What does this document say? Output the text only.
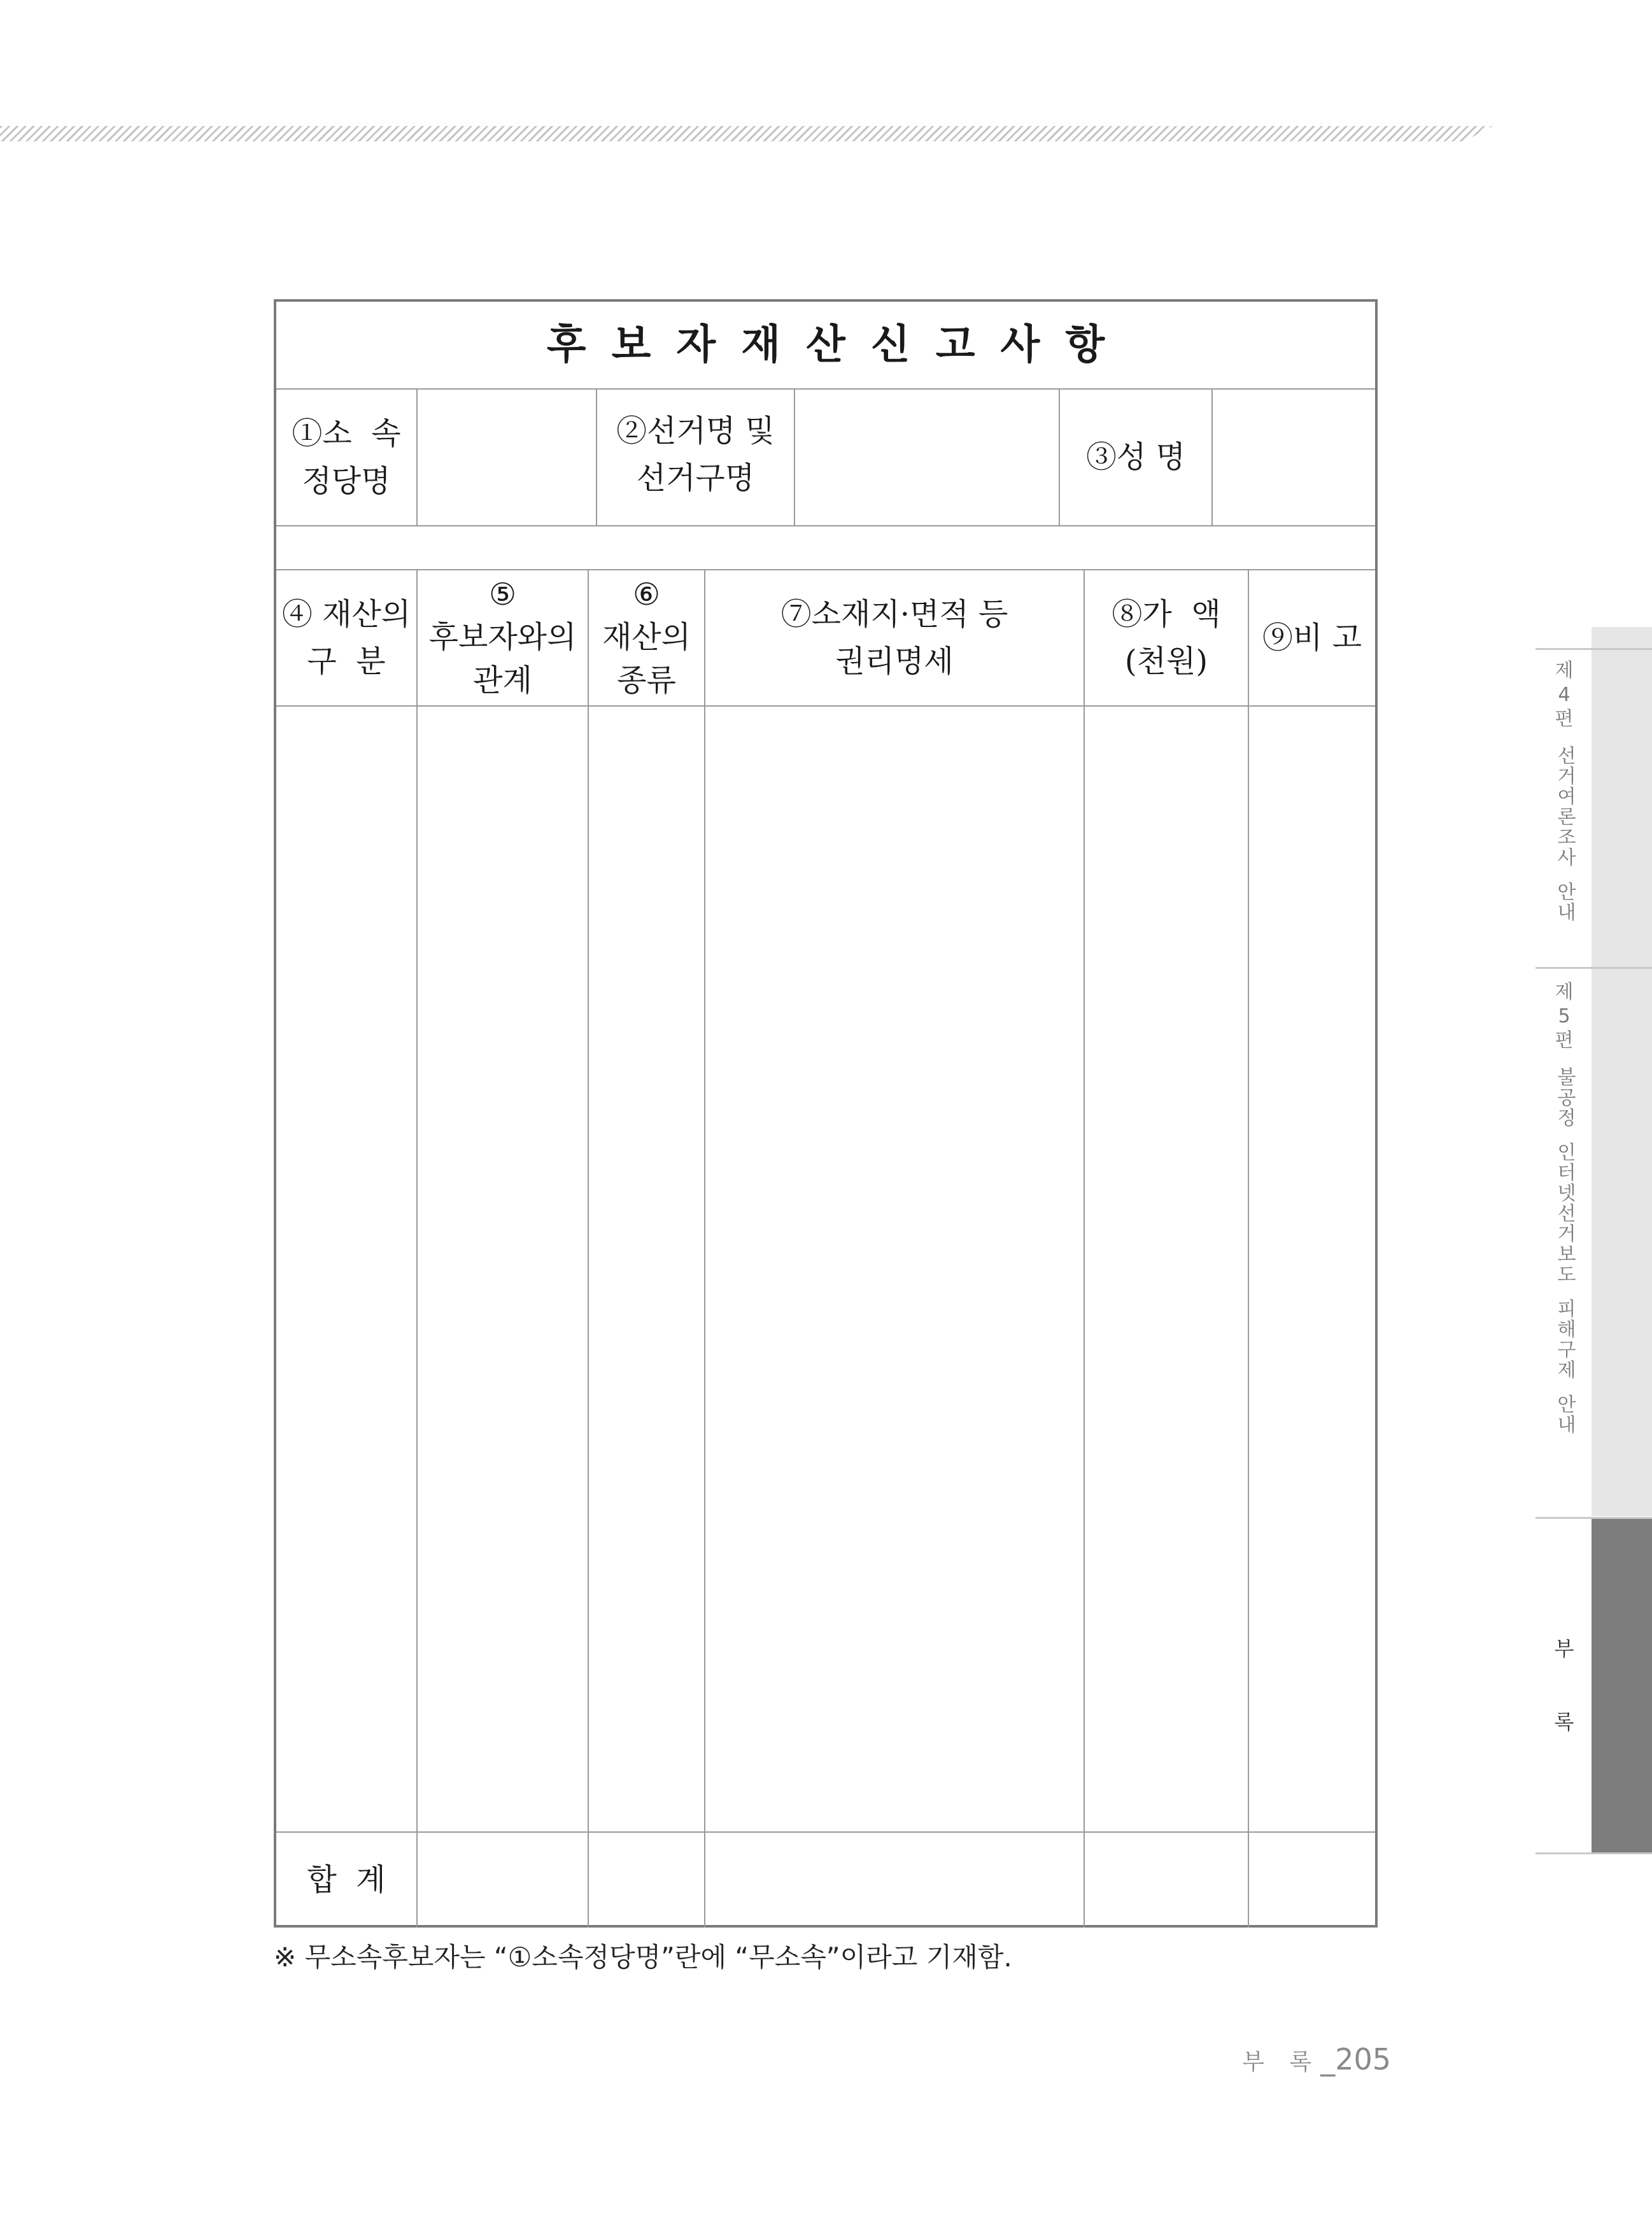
후보자재산신고사항
①소  속
정당명
②선거명 및
선거구명
③성 명
④ 재산의
구  분
⑤
후보자와의
관계
⑥
재산의
종류
⑦소재지·면적 등
권리명세
⑧가  액
(천원)
⑨비 고
합  계
※ 무소속후보자는 “①소속정당명”란에 “무소속”이라고 기재함.
제
4
편
선거여론조사
안내
제
5
편
불공정
인터넷선거보도
피해구제
안내
부
록
부 록_205
